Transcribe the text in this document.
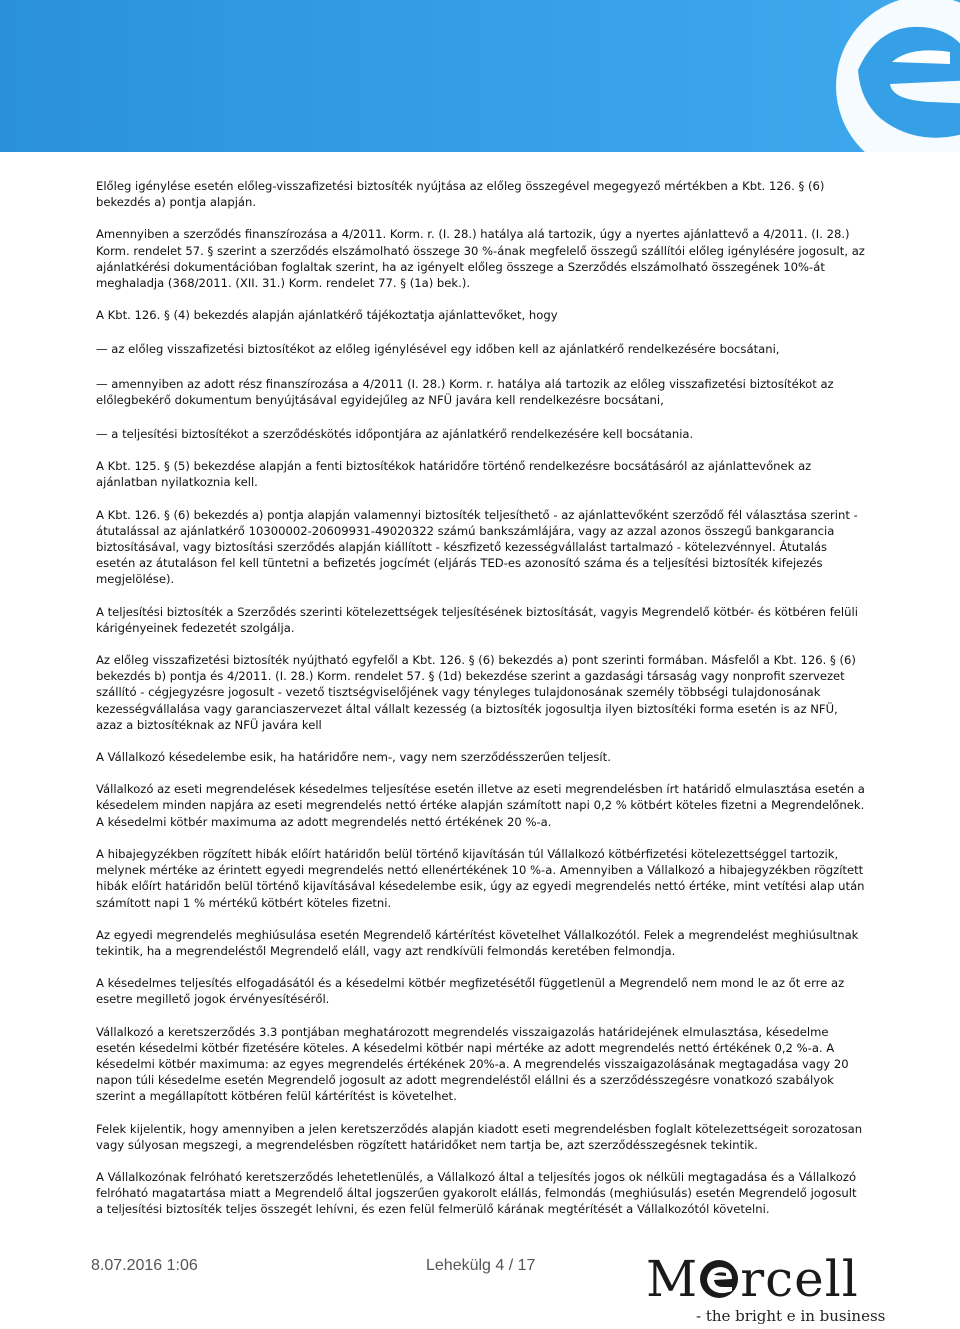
Előleg igénylése esetén előleg-visszafizetési biztosíték nyújtása az előleg összegével megegyező mértékben a Kbt. 126. § (6) bekezdés a) pontja alapján.

Amennyiben a szerződés finanszírozása a 4/2011. Korm. r. (I. 28.) hatálya alá tartozik, úgy a nyertes ajánlattevő a 4/2011. (I. 28.) Korm. rendelet 57. § szerint a szerződés elszámolható összege 30 %-ának megfelelő összegű szállítói előleg igénylésére jogosult, az ajánlatkérési dokumentációban foglaltak szerint, ha az igényelt előleg összege a Szerződés elszámolható összegének 10%-át meghaladja (368/2011. (XII. 31.) Korm. rendelet 77. § (1a) bek.).

A Kbt. 126. § (4) bekezdés alapján ajánlatkérő tájékoztatja ajánlattevőket, hogy

— az előleg visszafizetési biztosítékot az előleg igénylésével egy időben kell az ajánlatkérő rendelkezésére bocsátani,

— amennyiben az adott rész finanszírozása a 4/2011 (I. 28.) Korm. r. hatálya alá tartozik az előleg visszafizetési biztosítékot az előlegbekérő dokumentum benyújtásával egyidejűleg az NFÜ javára kell rendelkezésre bocsátani,

— a teljesítési biztosítékot a szerződéskötés időpontjára az ajánlatkérő rendelkezésére kell bocsátania.

A Kbt. 125. § (5) bekezdése alapján a fenti biztosítékok határidőre történő rendelkezésre bocsátásáról az ajánlattevőnek az ajánlatban nyilatkoznia kell.

A Kbt. 126. § (6) bekezdés a) pontja alapján valamennyi biztosíték teljesíthető - az ajánlattevőként szerződő fél választása szerint - átutalással az ajánlatkérő 10300002-20609931-49020322 számú bankszámlájára, vagy az azzal azonos összegű bankgarancia biztosításával, vagy biztosítási szerződés alapján kiállított - készfizető kezességvállalást tartalmazó - kötelezvénnyel. Átutalás esetén az átutaláson fel kell tüntetni a befizetés jogcímét (eljárás TED-es azonosító száma és a teljesítési biztosíték kifejezés megjelölése).

A teljesítési biztosíték a Szerződés szerinti kötelezettségek teljesítésének biztosítását, vagyis Megrendelő kötbér- és kötbéren felüli kárigényeinek fedezetét szolgálja.

Az előleg visszafizetési biztosíték nyújtható egyfelől a Kbt. 126. § (6) bekezdés a) pont szerinti formában. Másfelől a Kbt. 126. § (6) bekezdés b) pontja és 4/2011. (I. 28.) Korm. rendelet 57. § (1d) bekezdése szerint a gazdasági társaság vagy nonprofit szervezet szállító - cégjegyzésre jogosult - vezető tisztségviselőjének vagy tényleges tulajdonosának személy többségi tulajdonosának kezességvállalása vagy garanciaszervezet által vállalt kezesség (a biztosíték jogosultja ilyen biztosítéki forma esetén is az NFÜ, azaz a biztosítéknak az NFÜ javára kell

A Vállalkozó késedelembe esik, ha határidőre nem-, vagy nem szerződésszerűen teljesít.

Vállalkozó az eseti megrendelések késedelmes teljesítése esetén illetve az eseti megrendelésben írt határidő elmulasztása esetén a késedelem minden napjára az eseti megrendelés nettó értéke alapján számított napi 0,2 % kötbért köteles fizetni a Megrendelőnek. A késedelmi kötbér maximuma az adott megrendelés nettó értékének 20 %-a.

A hibajegyzékben rögzített hibák előírt határidőn belül történő kijavításán túl Vállalkozó kötbérfizetési kötelezettséggel tartozik, melynek mértéke az érintett egyedi megrendelés nettó ellenértékének 10 %-a. Amennyiben a Vállalkozó a hibajegyzékben rögzített hibák előírt határidőn belül történő kijavításával késedelembe esik, úgy az egyedi megrendelés nettó értéke, mint vetítési alap után számított napi 1 % mértékű kötbért köteles fizetni.

Az egyedi megrendelés meghiúsulása esetén Megrendelő kártérítést követelhet Vállalkozótól. Felek a megrendelést meghiúsultnak tekintik, ha a megrendeléstől Megrendelő eláll, vagy azt rendkívüli felmondás keretében felmondja.

A késedelmes teljesítés elfogadásától és a késedelmi kötbér megfizetésétől függetlenül a Megrendelő nem mond le az őt erre az esetre megillető jogok érvényesítéséről.

Vállalkozó a keretszerződés 3.3 pontjában meghatározott megrendelés visszaigazolás határidejének elmulasztása, késedelme esetén késedelmi kötbér fizetésére köteles. A késedelmi kötbér napi mértéke az adott megrendelés nettó értékének 0,2 %-a. A késedelmi kötbér maximuma: az egyes megrendelés értékének 20%-a. A megrendelés visszaigazolásának megtagadása vagy 20 napon túli késedelme esetén Megrendelő jogosult az adott megrendeléstől elállni és a szerződésszegésre vonatkozó szabályok szerint a megállapított kötbéren felül kártérítést is követelhet.

Felek kijelentik, hogy amennyiben a jelen keretszerződés alapján kiadott eseti megrendelésben foglalt kötelezettségeit sorozatosan vagy súlyosan megszegi, a megrendelésben rögzített határidőket nem tartja be, azt szerződésszegésnek tekintik.

A Vállalkozónak felróható keretszerződés lehetetlenülés, a Vállalkozó által a teljesítés jogos ok nélküli megtagadása és a Vállalkozó felróható magatartása miatt a Megrendelő által jogszerűen gyakorolt elállás, felmondás (meghiúsulás) esetén Megrendelő jogosult a teljesítési biztosíték teljes összegét lehívni, és ezen felül felmerülő kárának megtérítését a Vállalkozótól követelni.

8.07.2016 1:06	Lehekülg 4 / 17 M rcell
- the bright e in business
